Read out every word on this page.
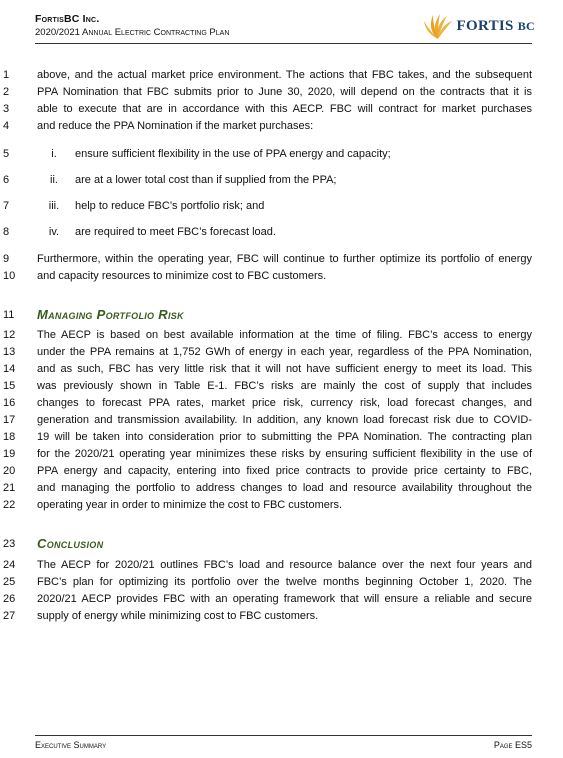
FortisBC Inc.
2020/2021 Annual Electric Contracting Plan	FORTIS BC
1	above, and the actual market price environment. The actions that FBC takes, and the subsequent
2	PPA Nomination that FBC submits prior to June 30, 2020, will depend on the contracts that it is
3	able to execute that are in accordance with this AECP. FBC will contract for market purchases
4	and reduce the PPA Nomination if the market purchases:
5	i.	ensure sufficient flexibility in the use of PPA energy and capacity;
6	ii.	are at a lower total cost than if supplied from the PPA;
7	iii.	help to reduce FBC’s portfolio risk; and
8	iv.	are required to meet FBC’s forecast load.
9	Furthermore, within the operating year, FBC will continue to further optimize its portfolio of energy
10	and capacity resources to minimize cost to FBC customers.
11	Managing Portfolio Risk
12	The AECP is based on best available information at the time of filing. FBC’s access to energy
13	under the PPA remains at 1,752 GWh of energy in each year, regardless of the PPA Nomination,
14	and as such, FBC has very little risk that it will not have sufficient energy to meet its load. This
15	was previously shown in Table E-1. FBC’s risks are mainly the cost of supply that includes
16	changes to forecast PPA rates, market price risk, currency risk, load forecast changes, and
17	generation and transmission availability. In addition, any known load forecast risk due to COVID-
18	19 will be taken into consideration prior to submitting the PPA Nomination. The contracting plan
19	for the 2020/21 operating year minimizes these risks by ensuring sufficient flexibility in the use of
20	PPA energy and capacity, entering into fixed price contracts to provide price certainty to FBC,
21	and managing the portfolio to address changes to load and resource availability throughout the
22	operating year in order to minimize the cost to FBC customers.
23	Conclusion
24	The AECP for 2020/21 outlines FBC’s load and resource balance over the next four years and
25	FBC’s plan for optimizing its portfolio over the twelve months beginning October 1, 2020. The
26	2020/21 AECP provides FBC with an operating framework that will ensure a reliable and secure
27	supply of energy while minimizing cost to FBC customers.
Executive Summary	Page ES5
